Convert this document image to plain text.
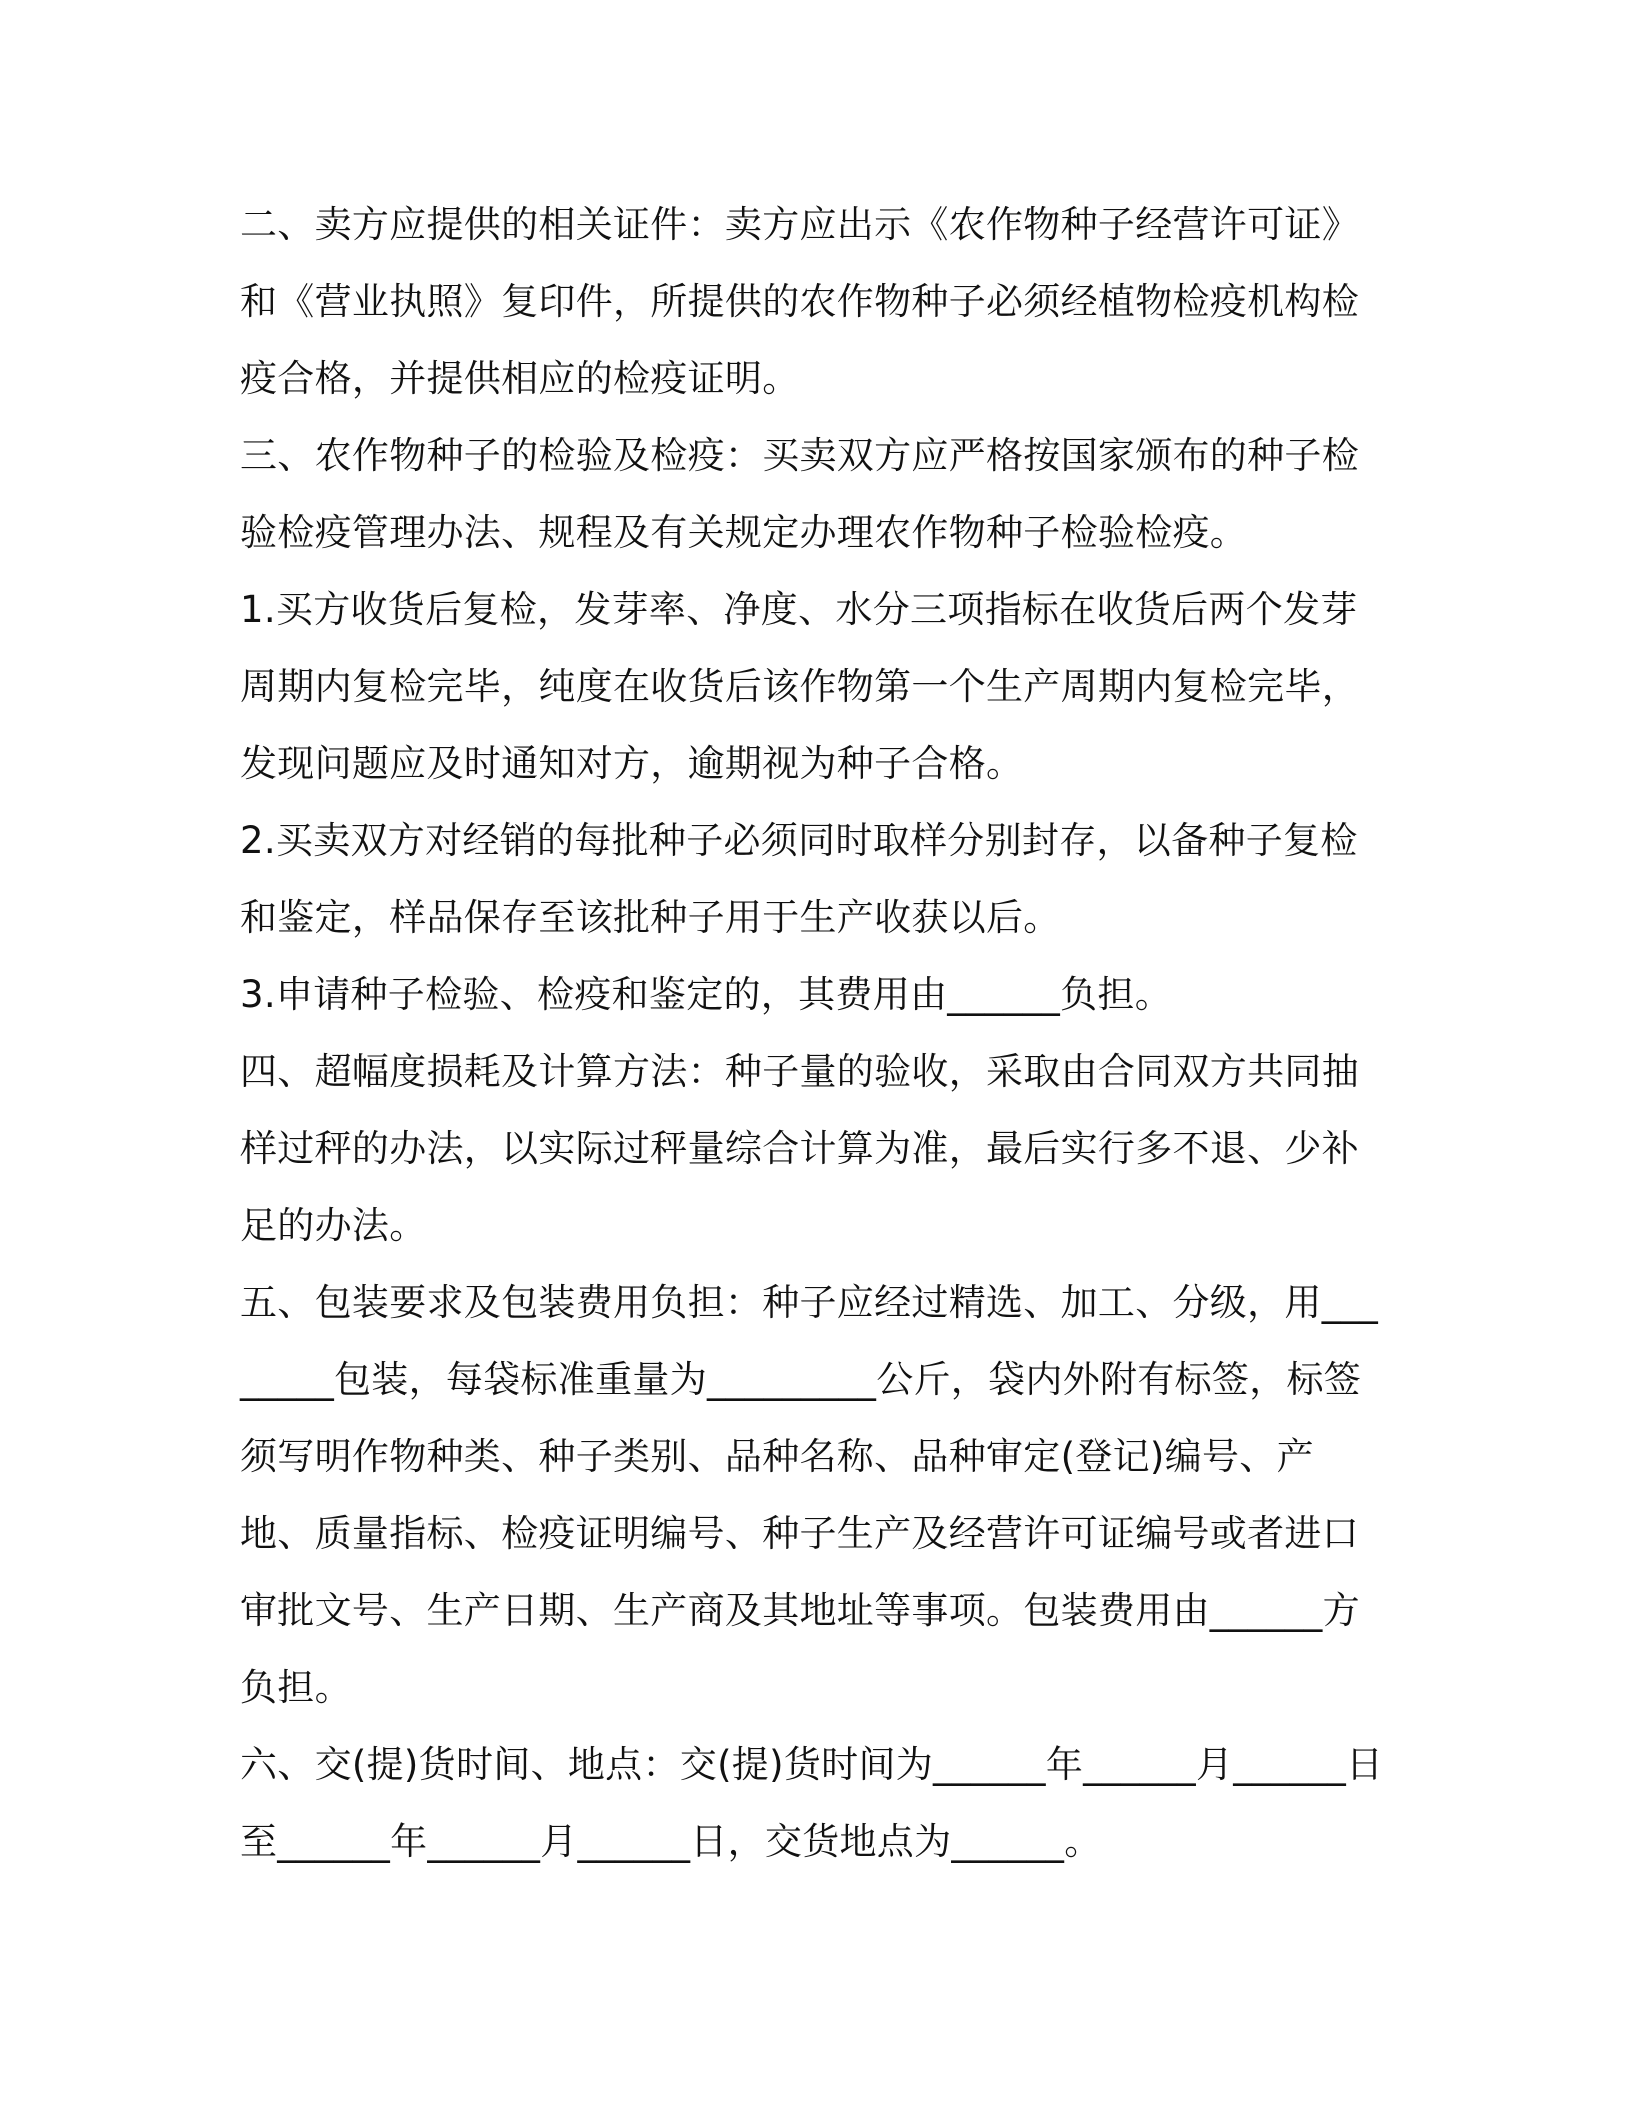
二、卖方应提供的相关证件：卖方应出示《农作物种子经营许可证》和《营业执照》复印件，所提供的农作物种子必须经植物检疫机构检疫合格，并提供相应的检疫证明。

三、农作物种子的检验及检疫：买卖双方应严格按国家颁布的种子检验检疫管理办法、规程及有关规定办理农作物种子检验检疫。

1.买方收货后复检，发芽率、净度、水分三项指标在收货后两个发芽周期内复检完毕，纯度在收货后该作物第一个生产周期内复检完毕，发现问题应及时通知对方，逾期视为种子合格。

2.买卖双方对经销的每批种子必须同时取样分别封存，以备种子复检和鉴定，样品保存至该批种子用于生产收获以后。

3.申请种子检验、检疫和鉴定的，其费用由______负担。

四、超幅度损耗及计算方法：种子量的验收，采取由合同双方共同抽样过秤的办法，以实际过秤量综合计算为准，最后实行多不退、少补足的办法。

五、包装要求及包装费用负担：种子应经过精选、加工、分级，用________包装，每袋标准重量为_________公斤，袋内外附有标签，标签须写明作物种类、种子类别、品种名称、品种审定(登记)编号、产地、质量指标、检疫证明编号、种子生产及经营许可证编号或者进口审批文号、生产日期、生产商及其地址等事项。包装费用由______方负担。

六、交(提)货时间、地点：交(提)货时间为______年______月______日至______年______月______日，交货地点为______。
